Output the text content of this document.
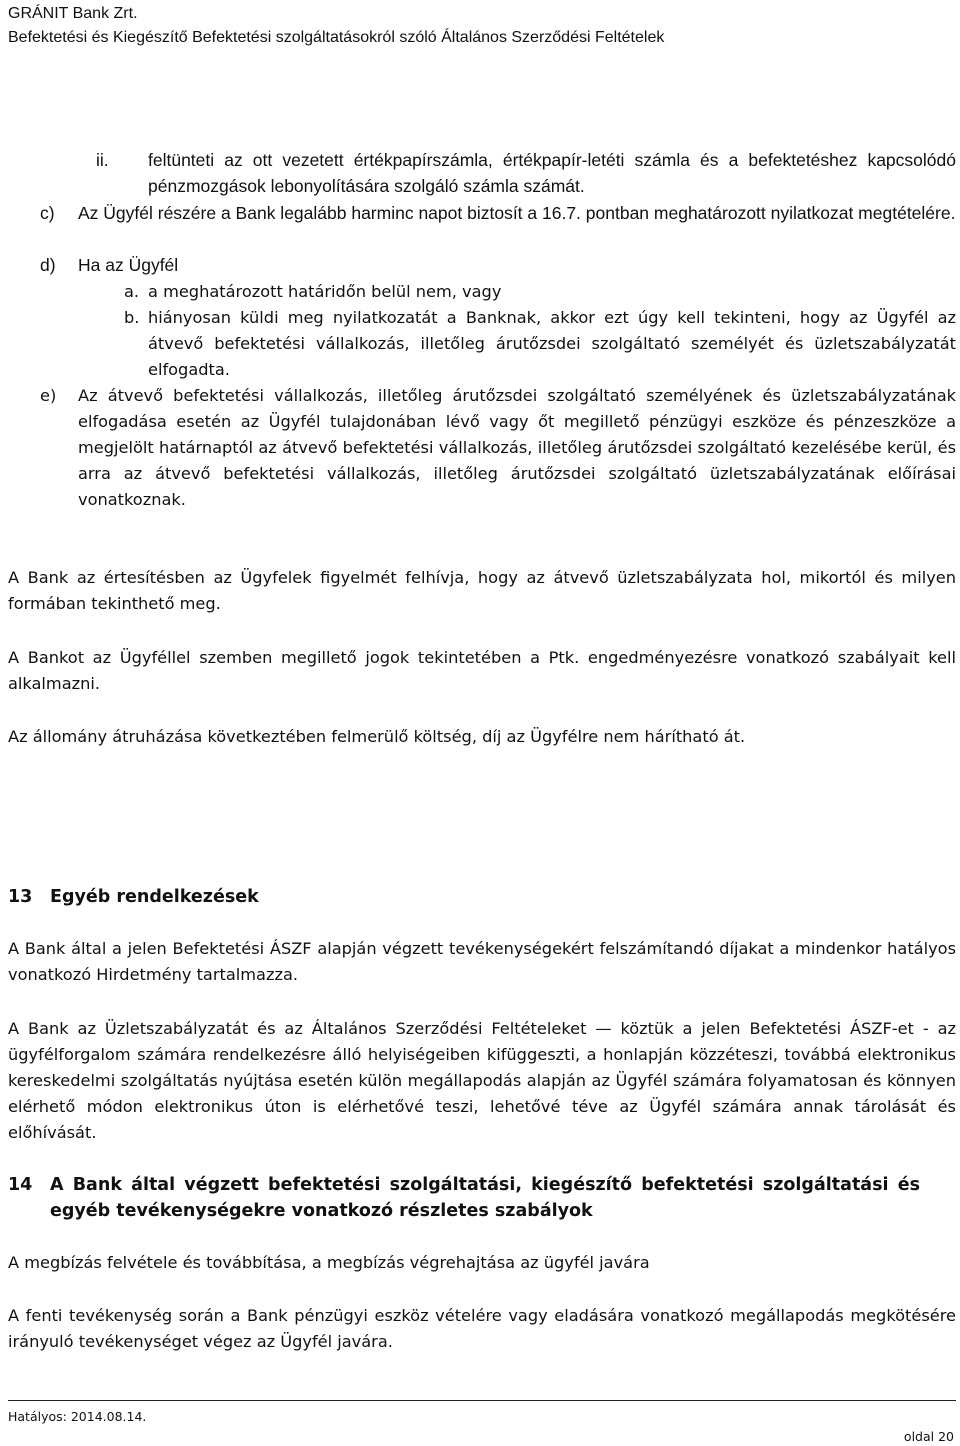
GRÁNIT Bank Zrt.
Befektetési és Kiegészítő Befektetési szolgáltatásokról szóló Általános Szerződési Feltételek
feltünteti az ott vezetett értékpapírszámla, értékpapír-letéti számla és a befektetéshez kapcsolódó pénzmozgások lebonyolítására szolgáló számla számát.
ii.
Az Ügyfél részére a Bank legalább harminc napot biztosít a 16.7. pontban meghatározott nyilatkozat megtételére.
c)
Ha az Ügyfél
d)
a meghatározott határidőn belül nem, vagy
a.
hiányosan küldi meg nyilatkozatát a Banknak, akkor ezt úgy kell tekinteni, hogy az Ügyfél az átvevő befektetési vállalkozás, illetőleg árutőzsdei szolgáltató személyét és üzletszabályzatát elfogadta.
b.
Az átvevő befektetési vállalkozás, illetőleg árutőzsdei szolgáltató személyének és üzletszabályzatának elfogadása esetén az Ügyfél tulajdonában lévő vagy őt megillető pénzügyi eszköze és pénzeszköze a megjelölt határnaptól az átvevő befektetési vállalkozás, illetőleg árutőzsdei szolgáltató kezelésébe kerül, és arra az átvevő befektetési vállalkozás, illetőleg árutőzsdei szolgáltató üzletszabályzatának előírásai vonatkoznak.
e)
A Bank az értesítésben az Ügyfelek figyelmét felhívja, hogy az átvevő üzletszabályzata hol, mikortól és milyen formában tekinthető meg.
A Bankot az Ügyféllel szemben megillető jogok tekintetében a Ptk. engedményezésre vonatkozó szabályait kell alkalmazni.
Az állomány átruházása következtében felmerülő költség, díj az Ügyfélre nem hárítható át.
13 Egyéb rendelkezések
A Bank által a jelen Befektetési ÁSZF alapján végzett tevékenységekért felszámítandó díjakat a mindenkor hatályos vonatkozó Hirdetmény tartalmazza.
A Bank az Üzletszabályzatát és az Általános Szerződési Feltételeket — köztük a jelen Befektetési ÁSZF-et - az ügyfélforgalom számára rendelkezésre álló helyiségeiben kifüggeszti, a honlapján közzéteszi, továbbá elektronikus kereskedelmi szolgáltatás nyújtása esetén külön megállapodás alapján az Ügyfél számára folyamatosan és könnyen elérhető módon elektronikus úton is elérhetővé teszi, lehetővé téve az Ügyfél számára annak tárolását és előhívását.
14 A Bank által végzett befektetési szolgáltatási, kiegészítő befektetési szolgáltatási és egyéb tevékenységekre vonatkozó részletes szabályok
A megbízás felvétele és továbbítása, a megbízás végrehajtása az ügyfél javára
A fenti tevékenység során a Bank pénzügyi eszköz vételére vagy eladására vonatkozó megállapodás megkötésére irányuló tevékenységet végez az Ügyfél javára.
Hatályos: 2014.08.14.
oldal 20
